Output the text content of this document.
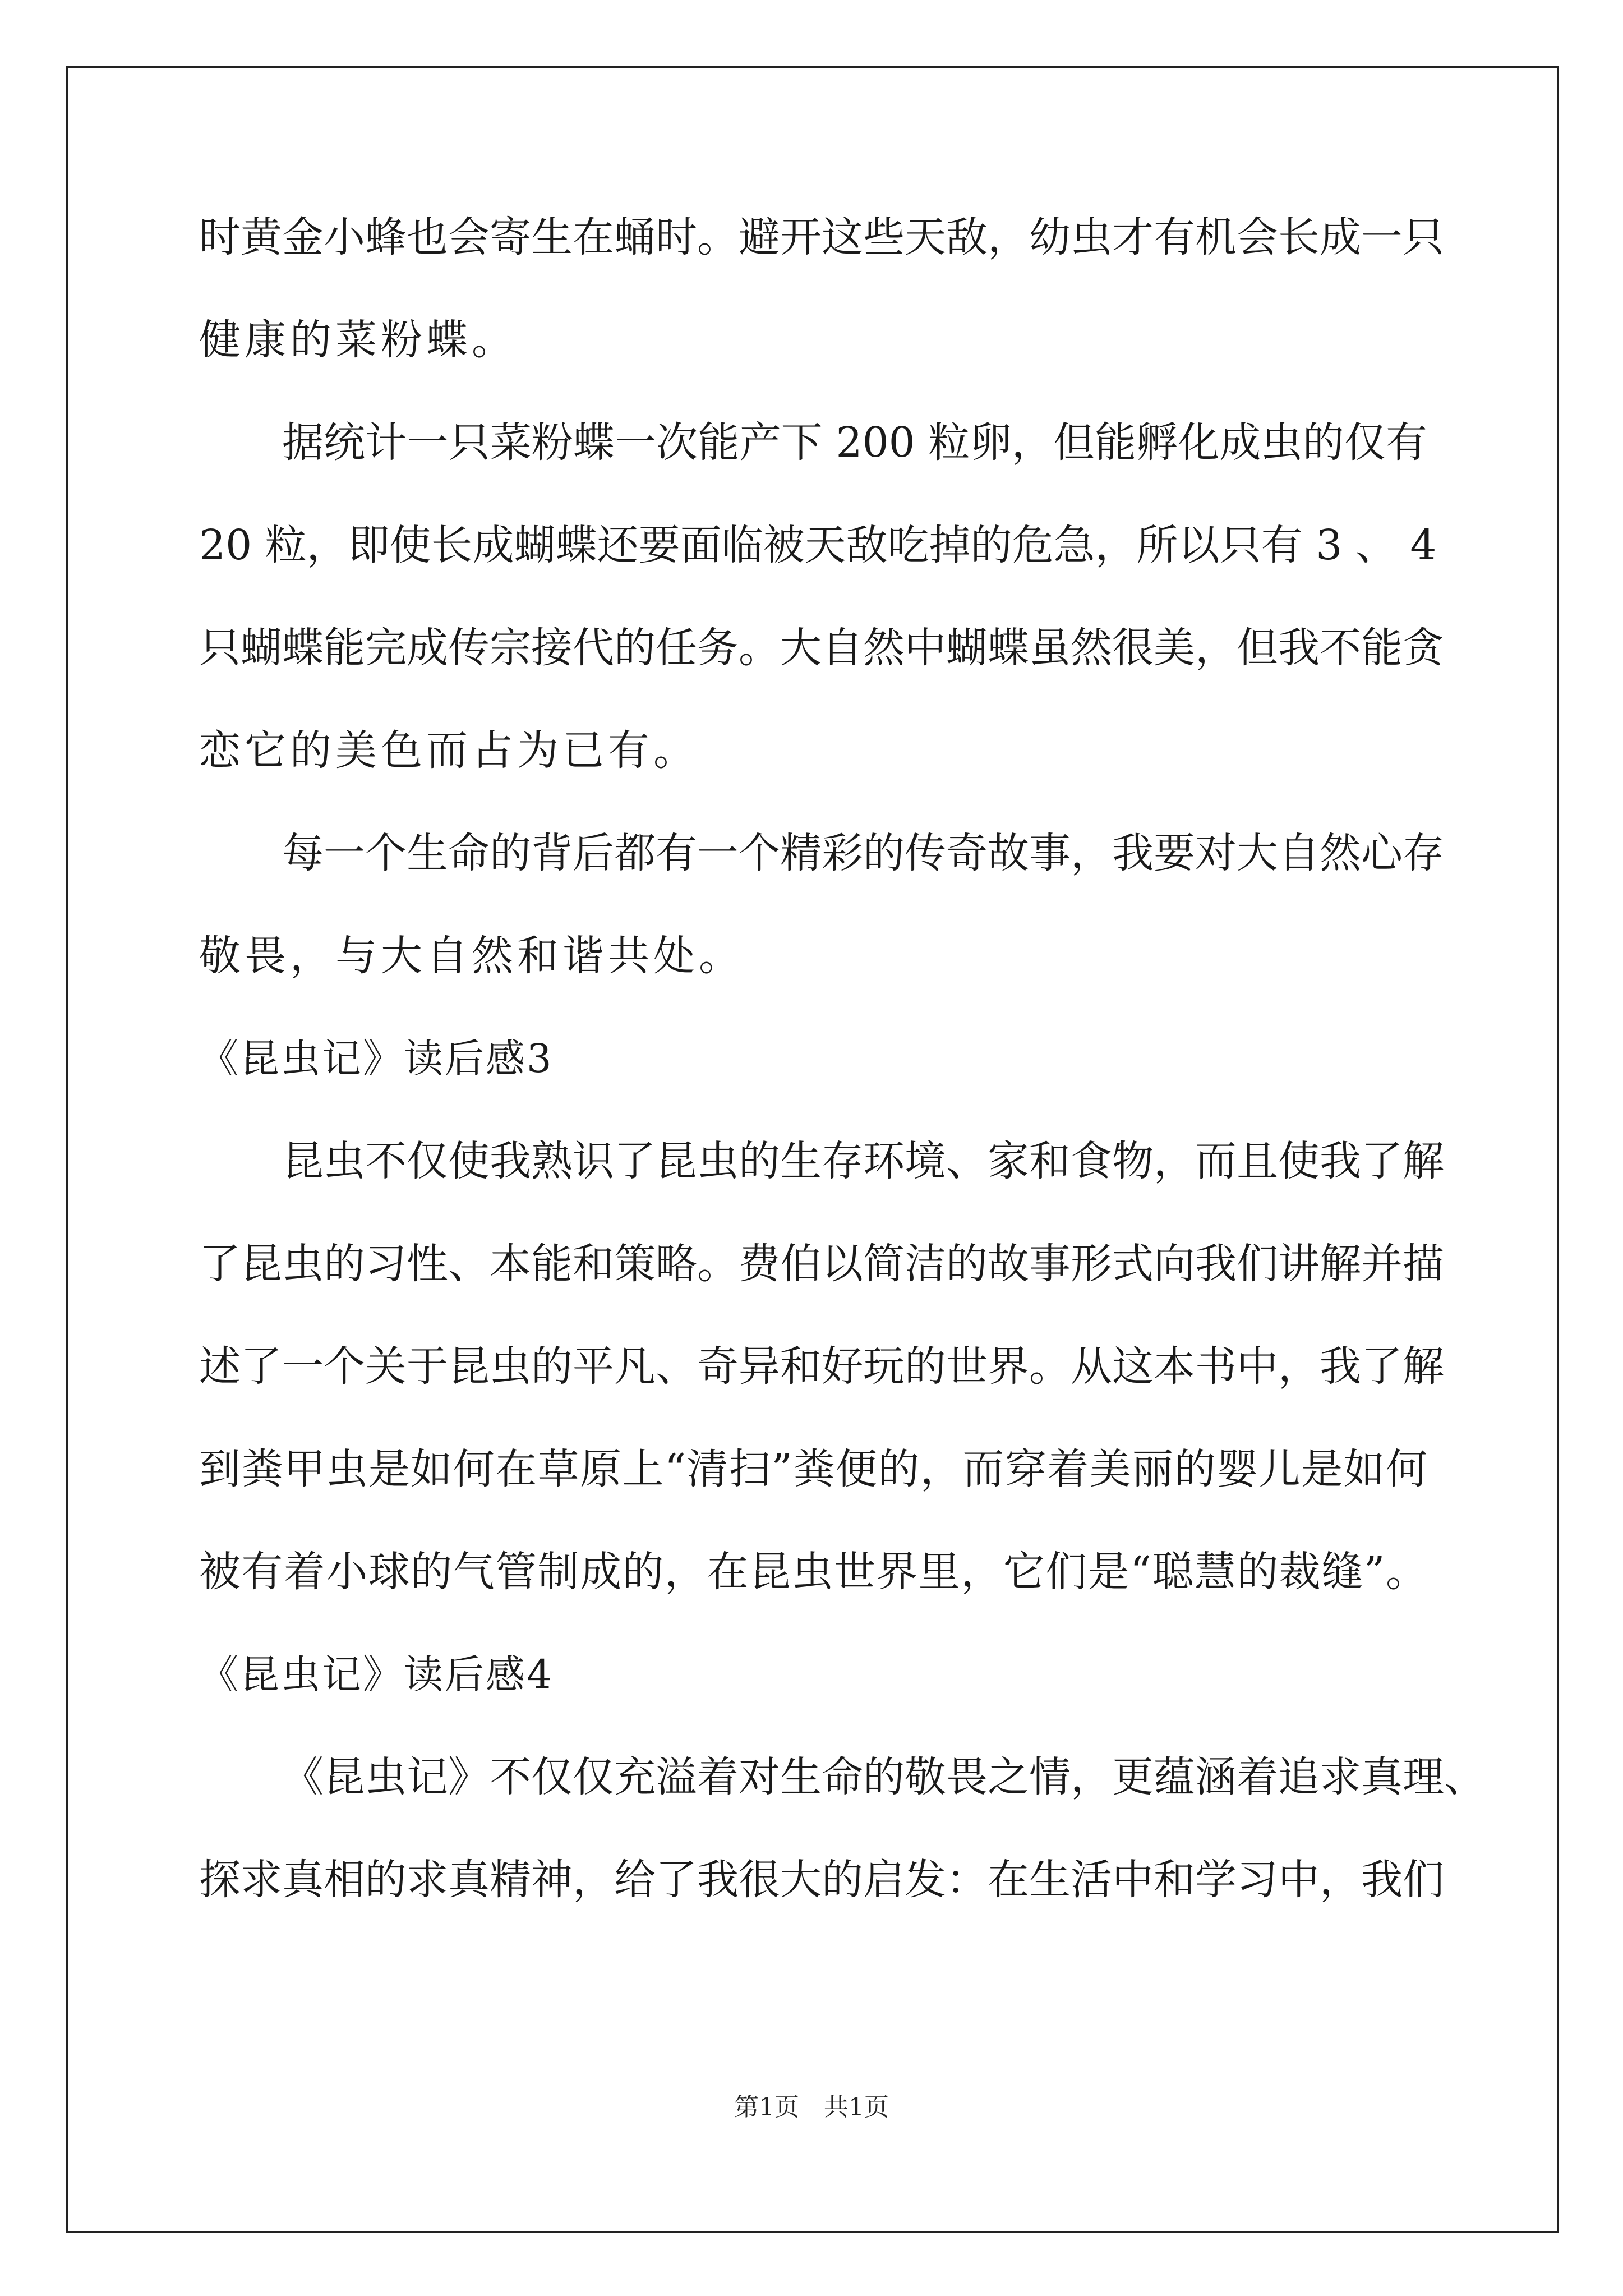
时黄金小蜂也会寄生在蛹时。避开这些天敌，幼虫才有机会长成一只
健康的菜粉蝶。
据统计一只菜粉蝶一次能产下 200 粒卵，但能孵化成虫的仅有
20 粒，即使长成蝴蝶还要面临被天敌吃掉的危急，所以只有 3 、 4
只蝴蝶能完成传宗接代的任务。大自然中蝴蝶虽然很美，但我不能贪
恋它的美色而占为已有。
每一个生命的背后都有一个精彩的传奇故事，我要对大自然心存
敬畏，与大自然和谐共处。
《昆虫记》读后感3
昆虫不仅使我熟识了昆虫的生存环境、家和食物，而且使我了解
了昆虫的习性、本能和策略。费伯以简洁的故事形式向我们讲解并描
述了一个关于昆虫的平凡、奇异和好玩的世界。从这本书中，我了解
到粪甲虫是如何在草原上“清扫”粪便的，而穿着美丽的婴儿是如何
被有着小球的气管制成的，在昆虫世界里，它们是“聪慧的裁缝”。
《昆虫记》读后感4
《昆虫记》不仅仅充溢着对生命的敬畏之情，更蕴涵着追求真理、
探求真相的求真精神，给了我很大的启发：在生活中和学习中，我们
第1页　共1页
